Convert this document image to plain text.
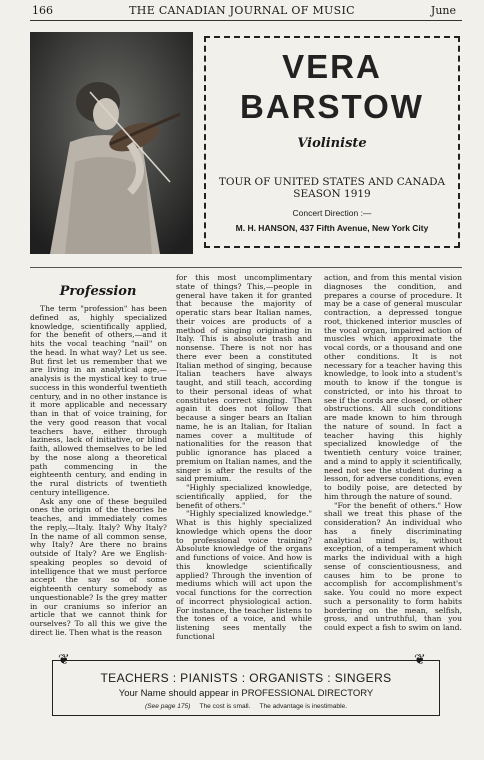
166	THE CANADIAN JOURNAL OF MUSIC	June
VERA
BARSTOW
Violiniste
TOUR OF UNITED STATES AND CANADA
SEASON 1919
Concert Direction :—
M. H. HANSON, 437 Fifth Avenue, New York City
Profession

The term "profession" has been defined as, highly specialized knowledge, scientifically applied, for the benefit of others,—and it hits the vocal teaching "nail" on the head. In what way? Let us see. But first let us remember that we are living in an analytical age,—analysis is the mystical key to true success in this wonderful twentieth century, and in no other instance is it more applicable and necessary than in that of voice training, for the very good reason that vocal teachers have, either through laziness, lack of initiative, or blind faith, allowed themselves to be led by the nose along a theoretical path commencing in the eighteenth century, and ending in the rural districts of twentieth century intelligence.

Ask any one of these beguiled ones the origin of the theories he teaches, and immediately comes the reply,—Italy. Italy? Why Italy? In the name of all common sense, why Italy? Are there no brains outside of Italy? Are we English-speaking peoples so devoid of intelligence that we must perforce accept the say so of some eighteenth century somebody as unquestionable? Is the grey matter in our craniums so inferior an article that we cannot think for ourselves? To all this we give the direct lie. Then what is the reason

for this most uncomplimentary state of things? This,—people in general have taken it for granted that because the majority of operatic stars bear Italian names, their voices are products of a method of singing originating in Italy. This is absolute trash and nonsense. There is not nor has there ever been a constituted Italian method of singing, because Italian teachers have always taught, and still teach, according to their personal ideas of what constitutes correct singing. Then again it does not follow that because a singer bears an Italian name, he is an Italian, for Italian names cover a multitude of nationalities for the reason that public ignorance has placed a premium on Italian names, and the singer is after the results of the said premium.

"Highly specialized knowledge, scientifically applied, for the benefit of others."

"Highly specialized knowledge." What is this highly specialized knowledge which opens the door to professional voice training? Absolute knowledge of the organs and functions of voice. And how is this knowledge scientifically applied? Through the invention of mediums which will act upon the vocal functions for the correction of incorrect physiological action. For instance, the teacher listens to the tones of a voice, and while listening sees mentally the functional

action, and from this mental vision diagnoses the condition, and prepares a course of procedure. It may be a case of general muscular contraction, a depressed tongue root, thickened interior muscles of the vocal organ, impaired action of muscles which approximate the vocal cords, or a thousand and one other conditions. It is not necessary for a teacher having this knowledge, to look into a student's mouth to know if the tongue is constricted, or into his throat to see if the cords are closed, or other obstructions. All such conditions are made known to him through the nature of sound. In fact a teacher having this highly specialized knowledge of the twentieth century voice trainer, and a mind to apply it scientifically, need not see the student during a lesson, for adverse conditions, even to bodily poise, are detected by him through the nature of sound.

"For the benefit of others." How shall we treat this phase of the consideration? An individual who has a finely discriminating analytical mind is, without exception, of a temperament which marks the individual with a high sense of conscientiousness, and causes him to be prone to accomplish for accomplishment's sake. You could no more expect such a personality to form habits bordering on the mean, selfish, gross, and untruthful, than you could expect a fish to swim on land.

TEACHERS : PIANISTS : ORGANISTS : SINGERS
Your Name should appear in PROFESSIONAL DIRECTORY
(See page 175) The cost is small. The advantage is inestimable.
❦	❦
